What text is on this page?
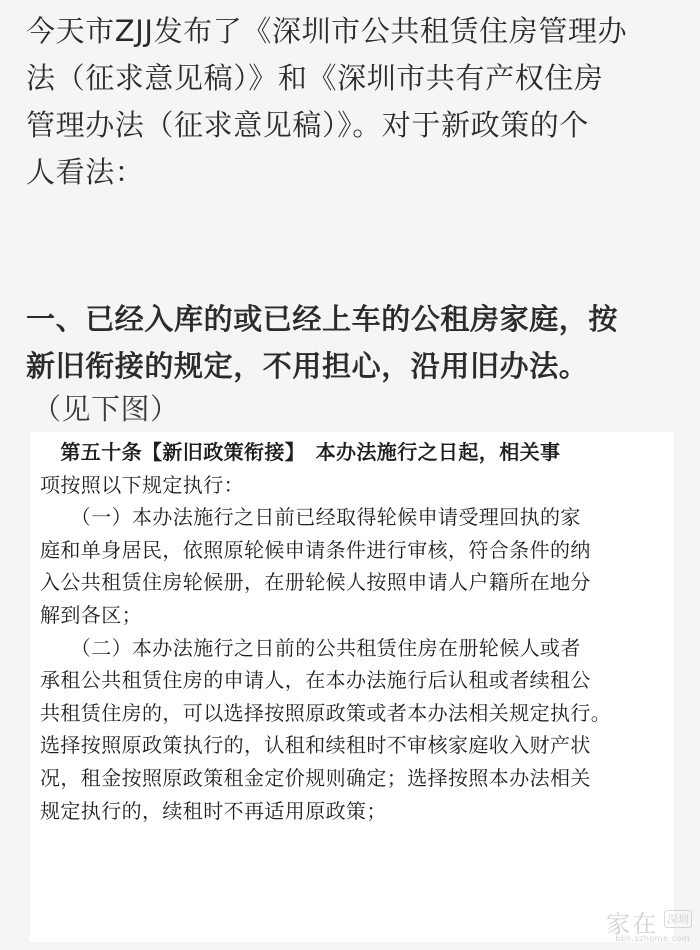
今天市ZJJ发布了《深圳市公共租赁住房管理办

法（征求意见稿）》和《深圳市共有产权住房

管理办法（征求意见稿）》。对于新政策的个

人看法：

一、已经入库的或已经上车的公租房家庭，按

新旧衔接的规定，不用担心，沿用旧办法。

（见下图）
　第五十条【新旧政策衔接】　本办法施行之日起，相关事
项按照以下规定执行：
　　（一）本办法施行之日前已经取得轮候申请受理回执的家
庭和单身居民，依照原轮候申请条件进行审核，符合条件的纳
入公共租赁住房轮候册，在册轮候人按照申请人户籍所在地分
解到各区；
　　（二）本办法施行之日前的公共租赁住房在册轮候人或者
承租公共租赁住房的申请人，在本办法施行后认租或者续租公
共租赁住房的，可以选择按照原政策或者本办法相关规定执行。
选择按照原政策执行的，认租和续租时不审核家庭收入财产状
况，租金按照原政策租金定价规则确定；选择按照本办法相关
规定执行的，续租时不再适用原政策；
家在 深圳
bbs.szhome.com
